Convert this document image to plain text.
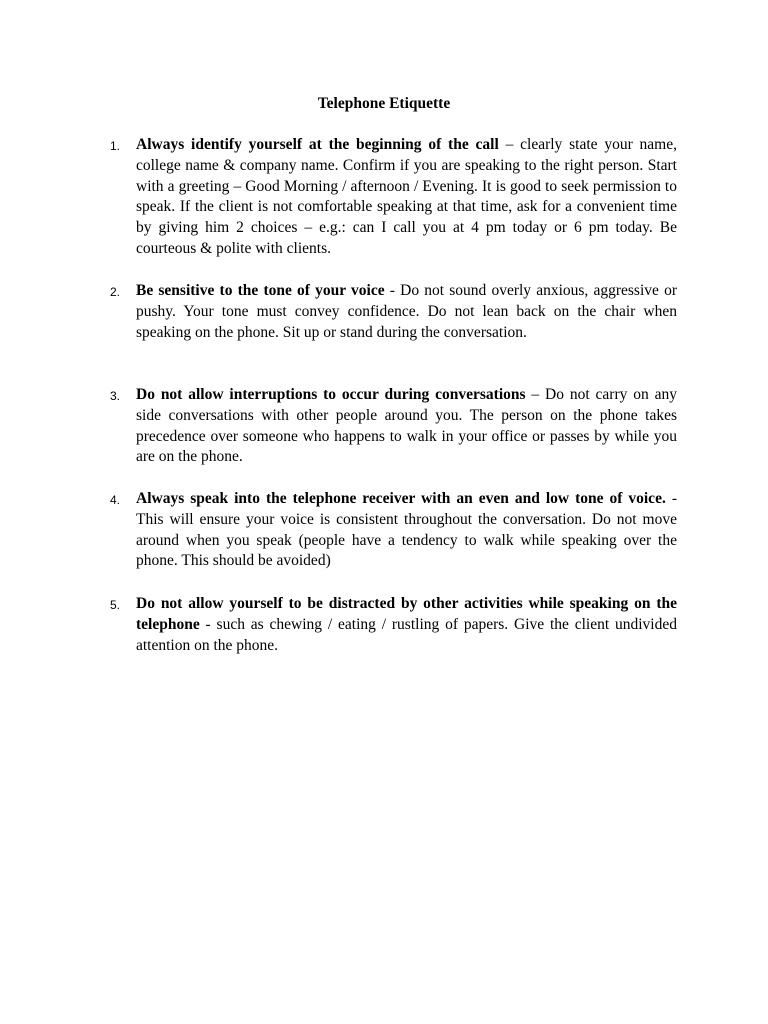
Telephone Etiquette
1. Always identify yourself at the beginning of the call – clearly state your name, college name & company name. Confirm if you are speaking to the right person. Start with a greeting – Good Morning / afternoon / Evening. It is good to seek permission to speak. If the client is not comfortable speaking at that time, ask for a convenient time by giving him 2 choices – e.g.: can I call you at 4 pm today or 6 pm today. Be courteous & polite with clients.

2. Be sensitive to the tone of your voice - Do not sound overly anxious, aggressive or pushy. Your tone must convey confidence. Do not lean back on the chair when speaking on the phone. Sit up or stand during the conversation.

3. Do not allow interruptions to occur during conversations – Do not carry on any side conversations with other people around you. The person on the phone takes precedence over someone who happens to walk in your office or passes by while you are on the phone.

4. Always speak into the telephone receiver with an even and low tone of voice. - This will ensure your voice is consistent throughout the conversation. Do not move around when you speak (people have a tendency to walk while speaking over the phone. This should be avoided)

5. Do not allow yourself to be distracted by other activities while speaking on the telephone - such as chewing / eating / rustling of papers. Give the client undivided attention on the phone.
